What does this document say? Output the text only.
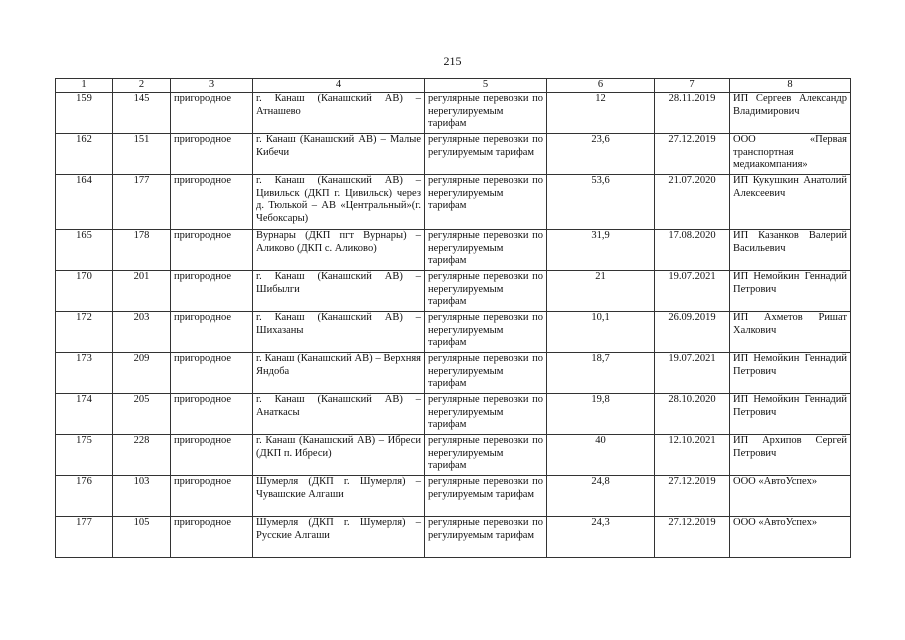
215
1	2	3	4	5	6	7	8
159	145	пригородное	г. Канаш (Канашский АВ) – Атнашево	регулярные перевозки по нерегулируемым тарифам	12	28.11.2019	ИП Сергеев Александр Владимирович
162	151	пригородное	г. Канаш (Канашский АВ) – Малые Кибечи	регулярные перевозки по регулируемым тарифам	23,6	27.12.2019	ООО «Первая транспортная медиакомпания»
164	177	пригородное	г. Канаш (Канашский АВ) – Цивильск (ДКП г. Цивильск) через д. Тюлькой – АВ «Центральный»(г. Чебоксары)	регулярные перевозки по нерегулируемым тарифам	53,6	21.07.2020	ИП Кукушкин Анатолий Алексеевич
165	178	пригородное	Вурнары (ДКП пгт Вурнары) – Аликово (ДКП с. Аликово)	регулярные перевозки по нерегулируемым тарифам	31,9	17.08.2020	ИП Казанков Валерий Васильевич
170	201	пригородное	г. Канаш (Канашский АВ) – Шибылги	регулярные перевозки по нерегулируемым тарифам	21	19.07.2021	ИП Немойкин Геннадий Петрович
172	203	пригородное	г. Канаш (Канашский АВ) – Шихазаны	регулярные перевозки по нерегулируемым тарифам	10,1	26.09.2019	ИП Ахметов Ришат Халкович
173	209	пригородное	г. Канаш (Канашский АВ) – Верхняя Яндоба	регулярные перевозки по нерегулируемым тарифам	18,7	19.07.2021	ИП Немойкин Геннадий Петрович
174	205	пригородное	г. Канаш (Канашский АВ) – Анаткасы	регулярные перевозки по нерегулируемым тарифам	19,8	28.10.2020	ИП Немойкин Геннадий Петрович
175	228	пригородное	г. Канаш (Канашский АВ) – Ибреси (ДКП п. Ибреси)	регулярные перевозки по нерегулируемым тарифам	40	12.10.2021	ИП Архипов Сергей Петрович
176	103	пригородное	Шумерля (ДКП г. Шумерля) – Чувашские Алгаши	регулярные перевозки по регулируемым тарифам	24,8	27.12.2019	ООО «АвтоУспех»
177	105	пригородное	Шумерля (ДКП г. Шумерля) – Русские Алгаши	регулярные перевозки по регулируемым тарифам	24,3	27.12.2019	ООО «АвтоУспех»
